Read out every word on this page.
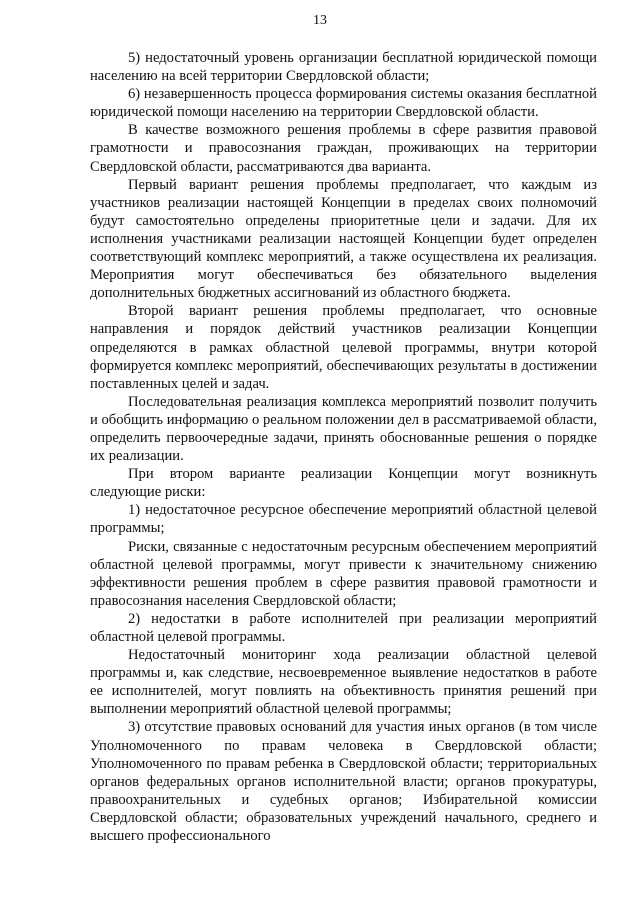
13

5) недостаточный уровень организации бесплатной юридической помощи населению на всей территории Свердловской области;

6) незавершенность процесса формирования системы оказания бесплатной юридической помощи населению на территории Свердловской области.

В качестве возможного решения проблемы в сфере развития правовой грамотности и правосознания граждан, проживающих на территории Свердловской области, рассматриваются два варианта.

Первый вариант решения проблемы предполагает, что каждым из участников реализации настоящей Концепции в пределах своих полномочий будут самостоятельно определены приоритетные цели и задачи. Для их исполнения участниками реализации настоящей Концепции будет определен соответствующий комплекс мероприятий, а также осуществлена их реализация. Мероприятия могут обеспечиваться без обязательного выделения дополнительных бюджетных ассигнований из областного бюджета.

Второй вариант решения проблемы предполагает, что основные направления и порядок действий участников реализации Концепции определяются в рамках областной целевой программы, внутри которой формируется комплекс мероприятий, обеспечивающих результаты в достижении поставленных целей и задач.

Последовательная реализация комплекса мероприятий позволит получить и обобщить информацию о реальном положении дел в рассматриваемой области, определить первоочередные задачи, принять обоснованные решения о порядке их реализации.

При втором варианте реализации Концепции могут возникнуть следующие риски:

1) недостаточное ресурсное обеспечение мероприятий областной целевой программы;

Риски, связанные с недостаточным ресурсным обеспечением мероприятий областной целевой программы, могут привести к значительному снижению эффективности решения проблем в сфере развития правовой грамотности и правосознания населения Свердловской области;

2) недостатки в работе исполнителей при реализации мероприятий областной целевой программы.

Недостаточный мониторинг хода реализации областной целевой программы и, как следствие, несвоевременное выявление недостатков в работе ее исполнителей, могут повлиять на объективность принятия решений при выполнении мероприятий областной целевой программы;

3) отсутствие правовых оснований для участия иных органов (в том числе Уполномоченного по правам человека в Свердловской области; Уполномоченного по правам ребенка в Свердловской области; территориальных органов федеральных органов исполнительной власти; органов прокуратуры, правоохранительных и судебных органов; Избирательной комиссии Свердловской области; образовательных учреждений начального, среднего и высшего профессионального
